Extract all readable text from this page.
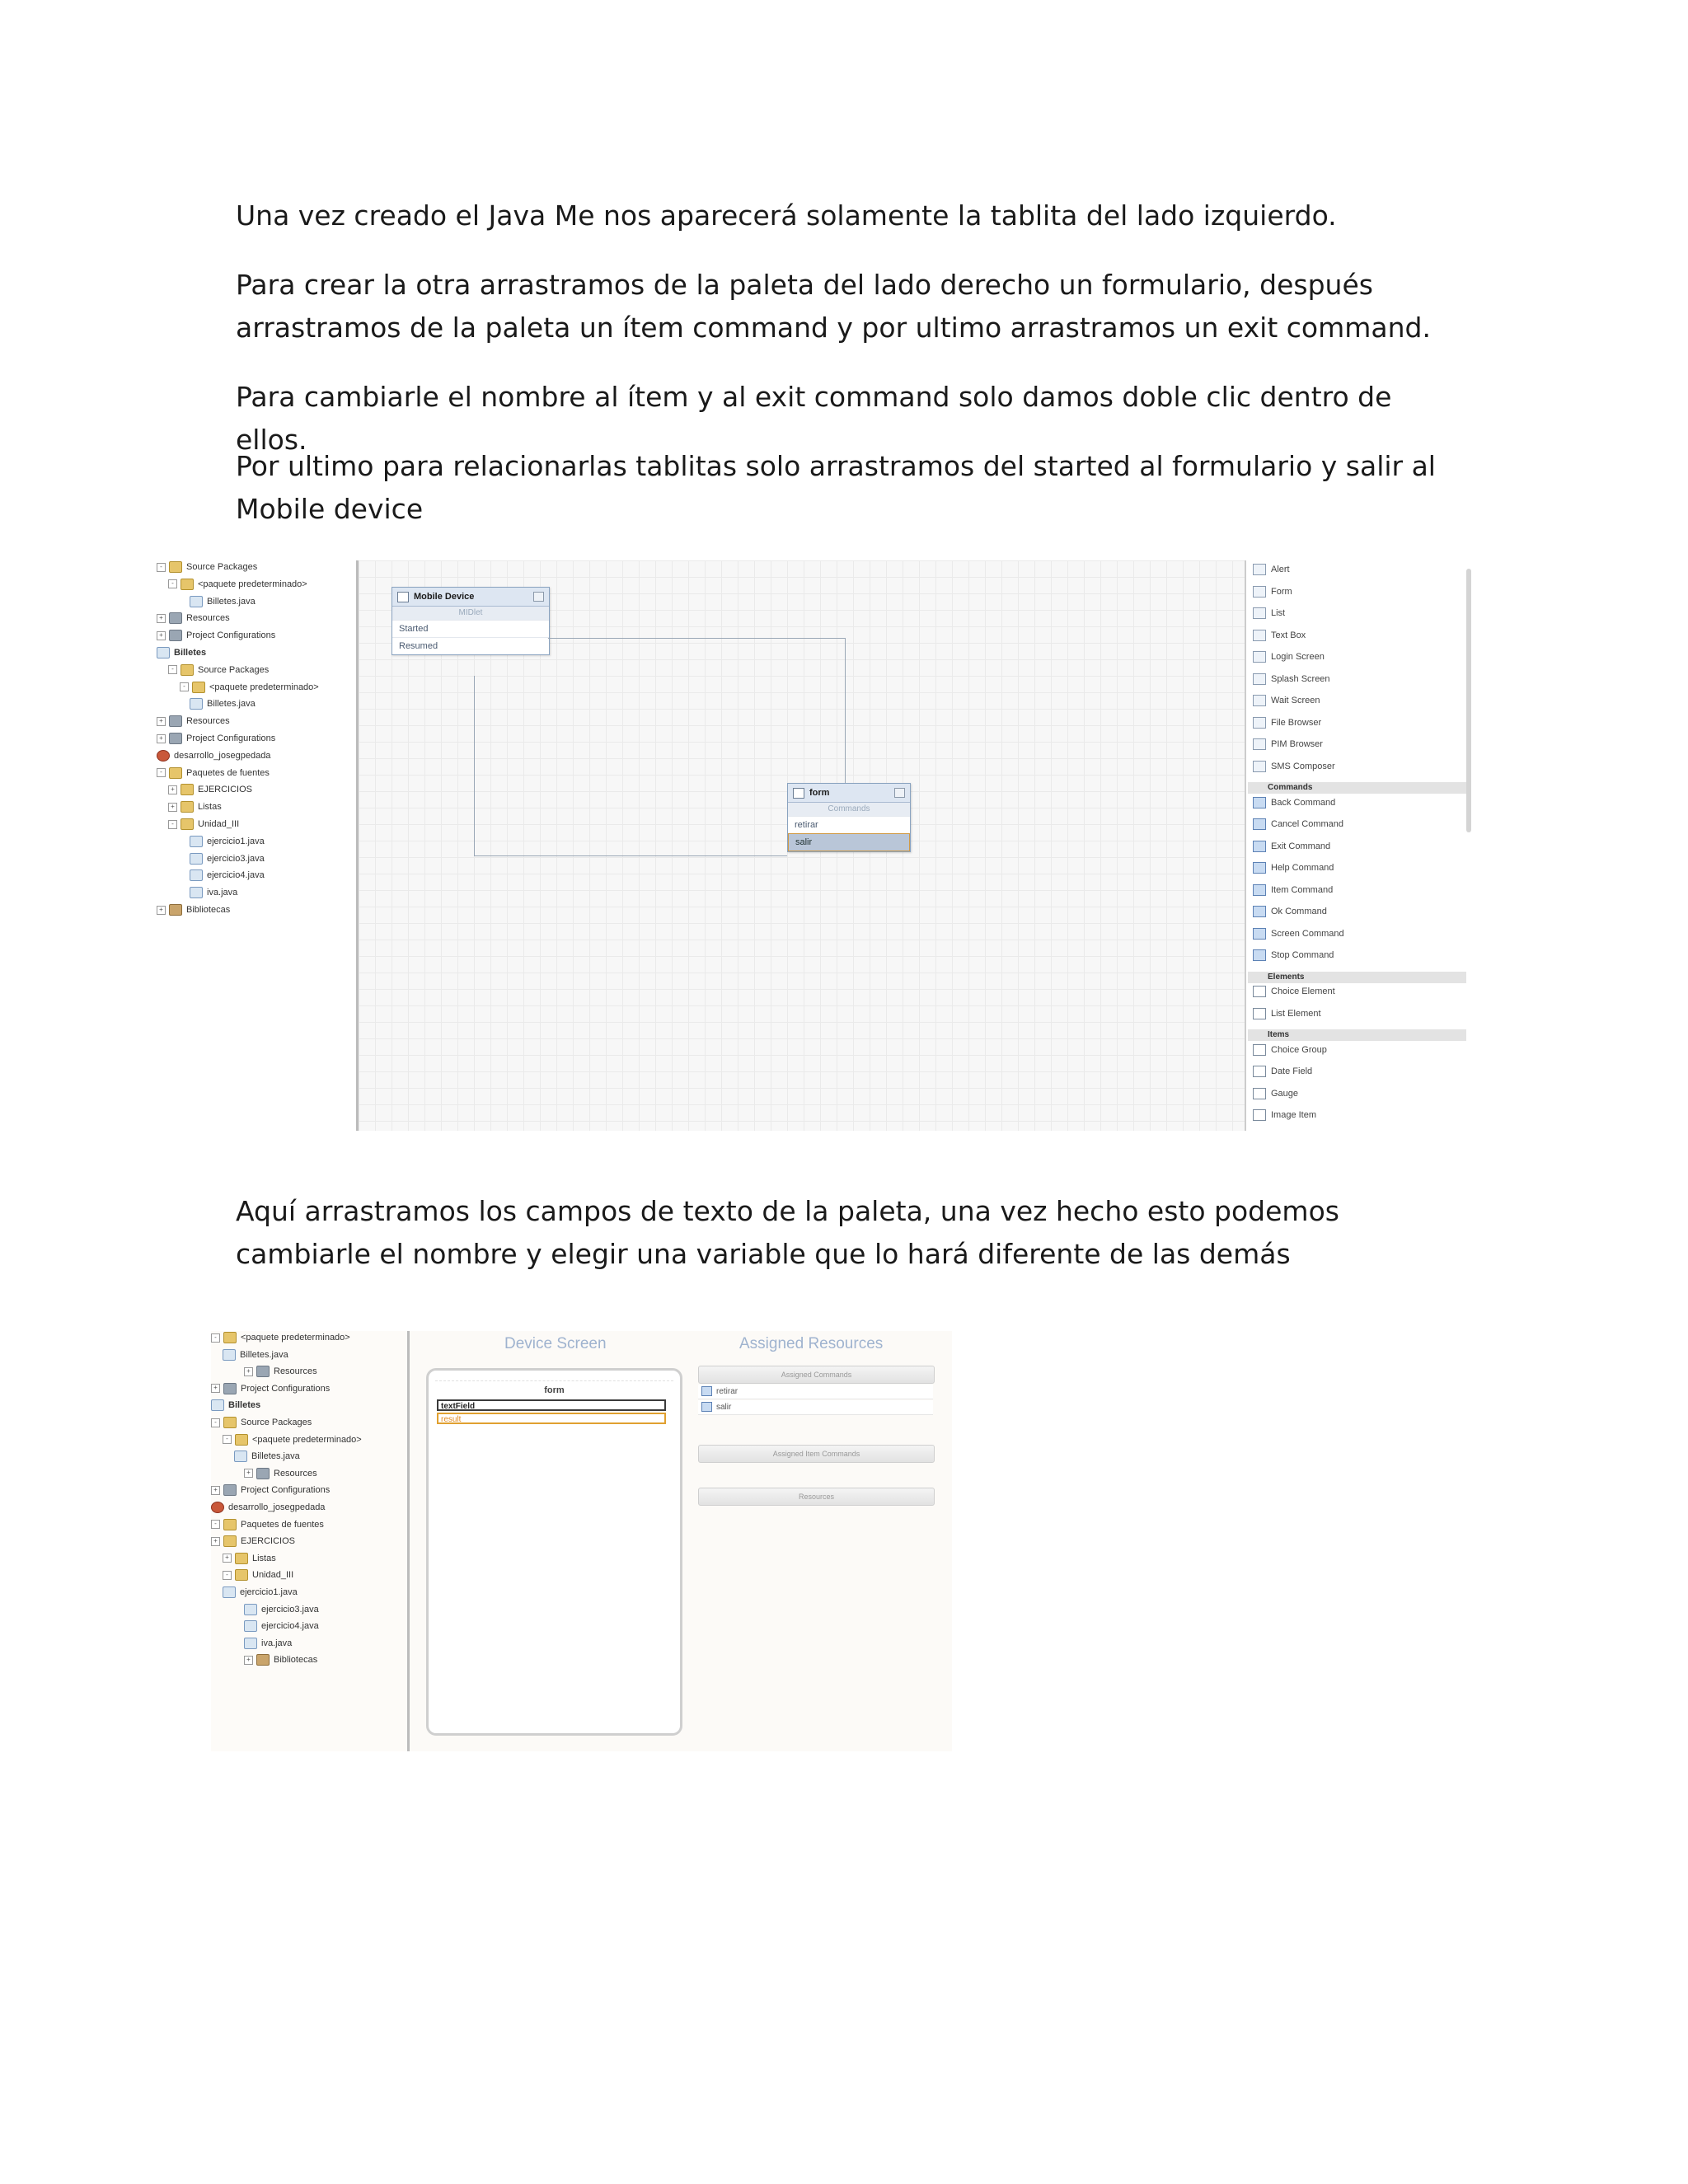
Una vez creado el Java Me nos aparecerá solamente la tablita del lado izquierdo.

Para crear la otra arrastramos de la paleta del lado derecho un formulario, después arrastramos de la paleta un ítem command y por ultimo arrastramos un exit command.

Para cambiarle el nombre al ítem y al exit command solo damos doble clic dentro de ellos.

Por ultimo para relacionarlas tablitas solo arrastramos del started al formulario y salir al Mobile device

-	Source Packages
-	<paquete predeterminado>
Billetes.java
+	Resources
+	Project Configurations
Billetes
-	Source Packages
-	<paquete predeterminado>
Billetes.java
+	Resources
+	Project Configurations
desarrollo_josegpedada
-	Paquetes de fuentes
+	EJERCICIOS
+	Listas
-	Unidad_III
ejercicio1.java
ejercicio3.java
ejercicio4.java
iva.java
+	Bibliotecas
Mobile Device
MIDlet
Started
Resumed
form
Commands
retirar
salir
Alert
Form
List
Text Box
Login Screen
Splash Screen
Wait Screen
File Browser
PIM Browser
SMS Composer
Commands
Back Command
Cancel Command
Exit Command
Help Command
Item Command
Ok Command
Screen Command
Stop Command
Elements
Choice Element
List Element
Items
Choice Group
Date Field
Gauge
Image Item

Aquí arrastramos los campos de texto de la paleta, una vez hecho esto podemos cambiarle el nombre y elegir una variable que lo hará diferente de las demás

-	<paquete predeterminado>
Billetes.java
+	Resources
+	Project Configurations
Billetes
-	Source Packages
-	<paquete predeterminado>
Billetes.java
+	Resources
+	Project Configurations
desarrollo_josegpedada
-	Paquetes de fuentes
+	EJERCICIOS
+	Listas
-	Unidad_III
ejercicio1.java
ejercicio3.java
ejercicio4.java
iva.java
+	Bibliotecas
Device Screen	Assigned Resources
form
textField
result
Assigned Commands
retirar
salir
Assigned Item Commands
Resources
